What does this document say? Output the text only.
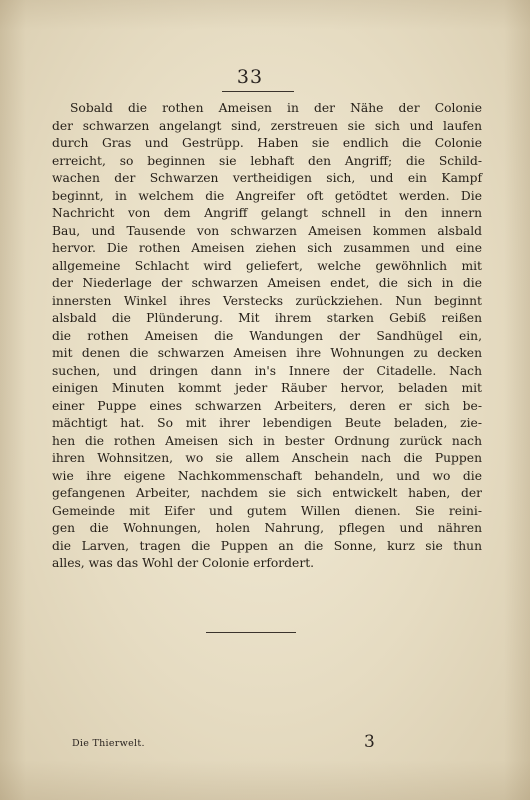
33
Sobald die rothen Ameisen in der Nähe der Colonie
der schwarzen angelangt sind, zerstreuen sie sich und laufen
durch Gras und Gestrüpp. Haben sie endlich die Colonie
erreicht, so beginnen sie lebhaft den Angriff; die Schild-
wachen der Schwarzen vertheidigen sich, und ein Kampf
beginnt, in welchem die Angreifer oft getödtet werden. Die
Nachricht von dem Angriff gelangt schnell in den innern
Bau, und Tausende von schwarzen Ameisen kommen alsbald
hervor. Die rothen Ameisen ziehen sich zusammen und eine
allgemeine Schlacht wird geliefert, welche gewöhnlich mit
der Niederlage der schwarzen Ameisen endet, die sich in die
innersten Winkel ihres Verstecks zurückziehen. Nun beginnt
alsbald die Plünderung. Mit ihrem starken Gebiß reißen
die rothen Ameisen die Wandungen der Sandhügel ein,
mit denen die schwarzen Ameisen ihre Wohnungen zu decken
suchen, und dringen dann in's Innere der Citadelle. Nach
einigen Minuten kommt jeder Räuber hervor, beladen mit
einer Puppe eines schwarzen Arbeiters, deren er sich be-
mächtigt hat. So mit ihrer lebendigen Beute beladen, zie-
hen die rothen Ameisen sich in bester Ordnung zurück nach
ihren Wohnsitzen, wo sie allem Anschein nach die Puppen
wie ihre eigene Nachkommenschaft behandeln, und wo die
gefangenen Arbeiter, nachdem sie sich entwickelt haben, der
Gemeinde mit Eifer und gutem Willen dienen. Sie reini-
gen die Wohnungen, holen Nahrung, pflegen und nähren
die Larven, tragen die Puppen an die Sonne, kurz sie thun
alles, was das Wohl der Colonie erfordert.
Die Thierwelt.	3
